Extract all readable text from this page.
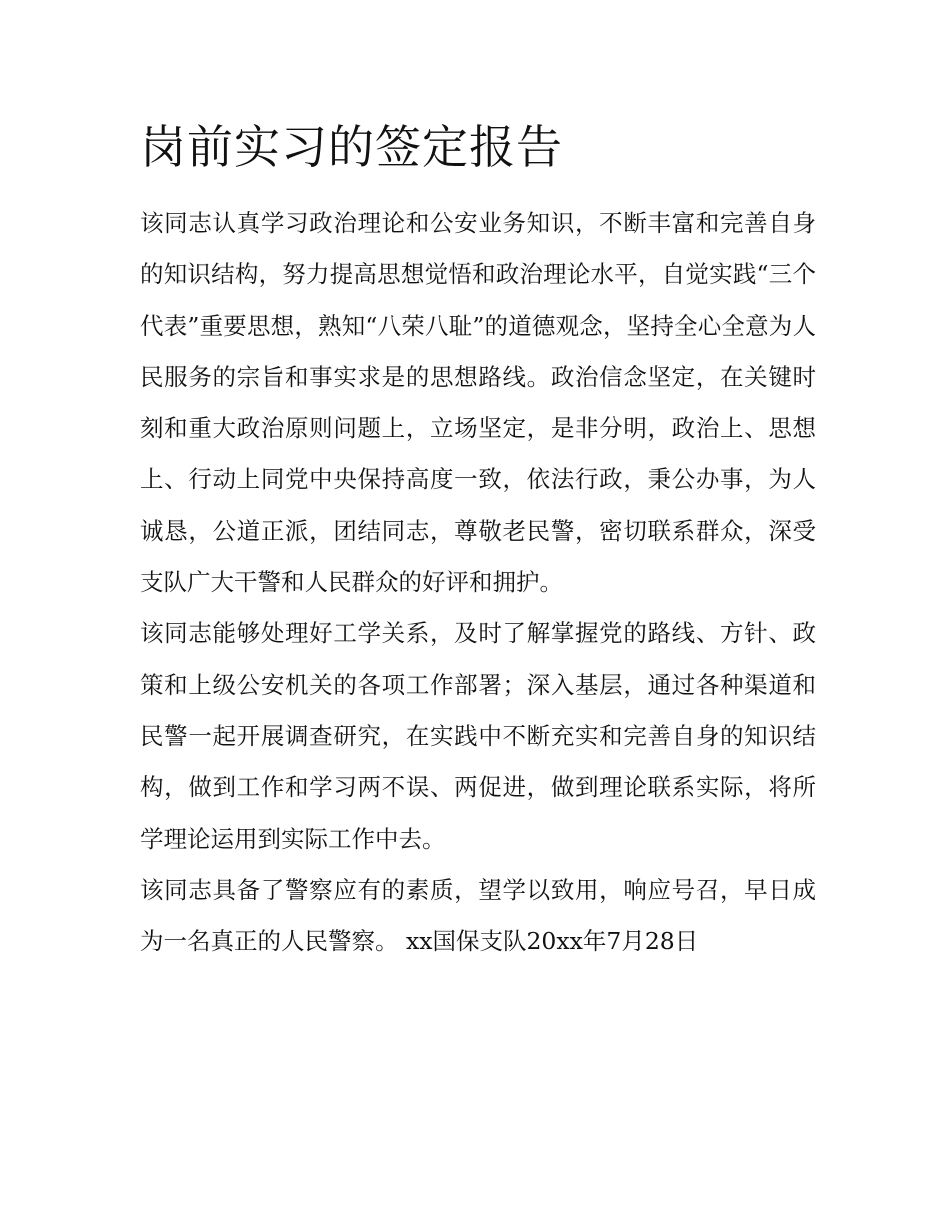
岗前实习的签定报告

该同志认真学习政治理论和公安业务知识，不断丰富和完善自身的知识结构，努力提高思想觉悟和政治理论水平，自觉实践“三个代表”重要思想，熟知“八荣八耻”的道德观念，坚持全心全意为人民服务的宗旨和事实求是的思想路线。政治信念坚定，在关键时刻和重大政治原则问题上，立场坚定，是非分明，政治上、思想上、行动上同党中央保持高度一致，依法行政，秉公办事，为人诚恳，公道正派，团结同志，尊敬老民警，密切联系群众，深受支队广大干警和人民群众的好评和拥护。

该同志能够处理好工学关系，及时了解掌握党的路线、方针、政策和上级公安机关的各项工作部署；深入基层，通过各种渠道和民警一起开展调查研究，在实践中不断充实和完善自身的知识结构，做到工作和学习两不误、两促进，做到理论联系实际，将所学理论运用到实际工作中去。

该同志具备了警察应有的素质，望学以致用，响应号召，早日成为一名真正的人民警察。 xx国保支队20xx年7月28日
